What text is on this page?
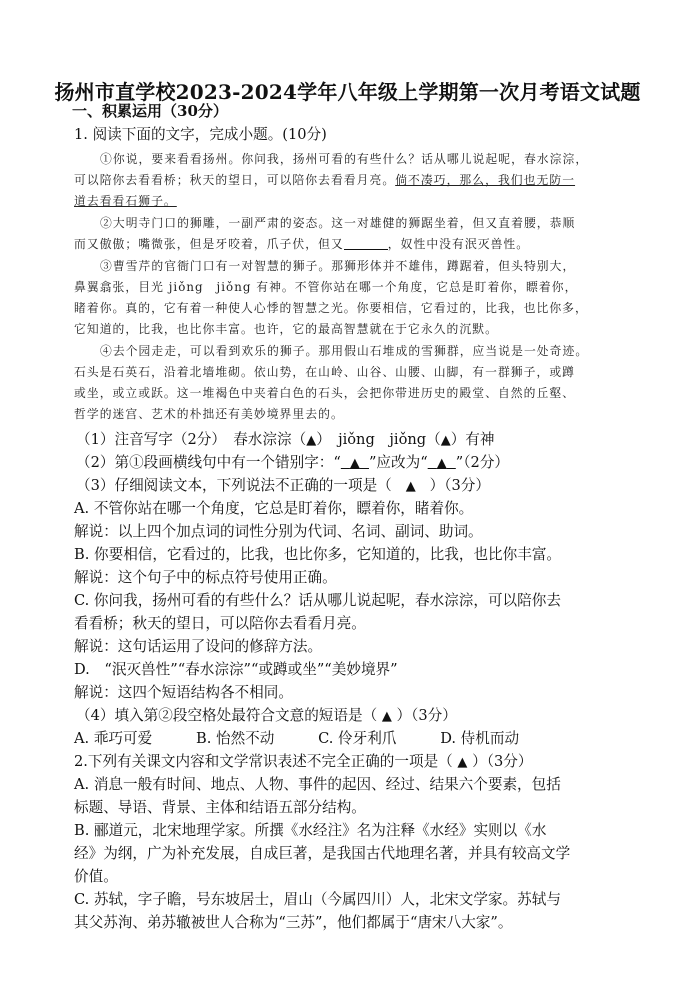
扬州市直学校2023-2024学年八年级上学期第一次月考语文试题
一、积累运用（30分）
1. 阅读下面的文字，完成小题。(10分)
①你说，要来看看扬州。你问我，扬州可看的有些什么？话从哪儿说起呢，春水淙淙，
可以陪你去看看桥；秋天的望日，可以陪你去看看月亮。倘不凑巧，那么，我们也无防一
道去看看石狮子。
②大明寺门口的狮雕，一副严肃的姿态。这一对雄健的狮踞坐着，但又直着腰，恭顺
而又傲傲；嘴微张，但是牙咬着，爪子伏，但又	，奴性中没有泯灭兽性。
③曹雪芹的官衙门口有一对智慧的狮子。那狮形体并不雄伟，蹲踞着，但头特别大，
鼻翼翕张，目光 jiǒng　jiǒng 有神。不管你站在哪一个角度，它总是盯着你，瞟着你，
睹着你。真的，它有着一种使人心悸的智慧之光。你要相信，它看过的，比我，也比你多，
它知道的，比我，也比你丰富。也许，它的最高智慧就在于它永久的沉默。
④去个园走走，可以看到欢乐的狮子。那用假山石堆成的雪狮群，应当说是一处奇迹。
石头是石英石，沿着北墙堆砌。依山势，在山岭、山谷、山腰、山脚，有一群狮子，或蹲
或坐，或立或跃。这一堆褐色中夹着白色的石头，会把你带进历史的殿堂、自然的丘壑、
哲学的迷宫、艺术的朴拙还有美妙境界里去的。
（1）注音写字（2分）　春水淙淙（▲）　jiǒng　jiǒng（▲）有神
（2）第①段画横线句中有一个错别字：“ ▲ ”应改为“ ▲ ”（2分）
（3）仔细阅读文本，下列说法不正确的一项是（ ▲ ）（3分）
A. 不管你站在哪一个角度，它总是盯着你，瞟着你，睹着你。
解说：以上四个加点词的词性分别为代词、名词、副词、助词。
B. 你要相信，它看过的，比我，也比你多，它知道的，比我，也比你丰富。
解说：这个句子中的标点符号使用正确。
C. 你问我，扬州可看的有些什么？话从哪儿说起呢，春水淙淙，可以陪你去
看看桥；秋天的望日，可以陪你去看看月亮。
解说：这句话运用了设问的修辞方法。
D.　“泯灭兽性”“春水淙淙”“或蹲或坐”“美妙境界”
解说：这四个短语结构各不相同。
（4）填入第②段空格处最符合文意的短语是（ ▲ ）（3分）
A. 乖巧可爱　　　B. 怡然不动　　　C. 伶牙利爪　　　D. 侍机而动
2.下列有关课文内容和文学常识表述不完全正确的一项是（ ▲ ）（3分）
A. 消息一般有时间、地点、人物、事件的起因、经过、结果六个要素，包括
标题、导语、背景、主体和结语五部分结构。
B. 郦道元，北宋地理学家。所撰《水经注》名为注释《水经》实则以《水
经》为纲，广为补充发展，自成巨著，是我国古代地理名著，并具有较高文学
价值。
C. 苏轼，字子瞻，号东坡居士，眉山（今属四川）人，北宋文学家。苏轼与
其父苏洵、弟苏辙被世人合称为“三苏”，他们都属于“唐宋八大家”。
